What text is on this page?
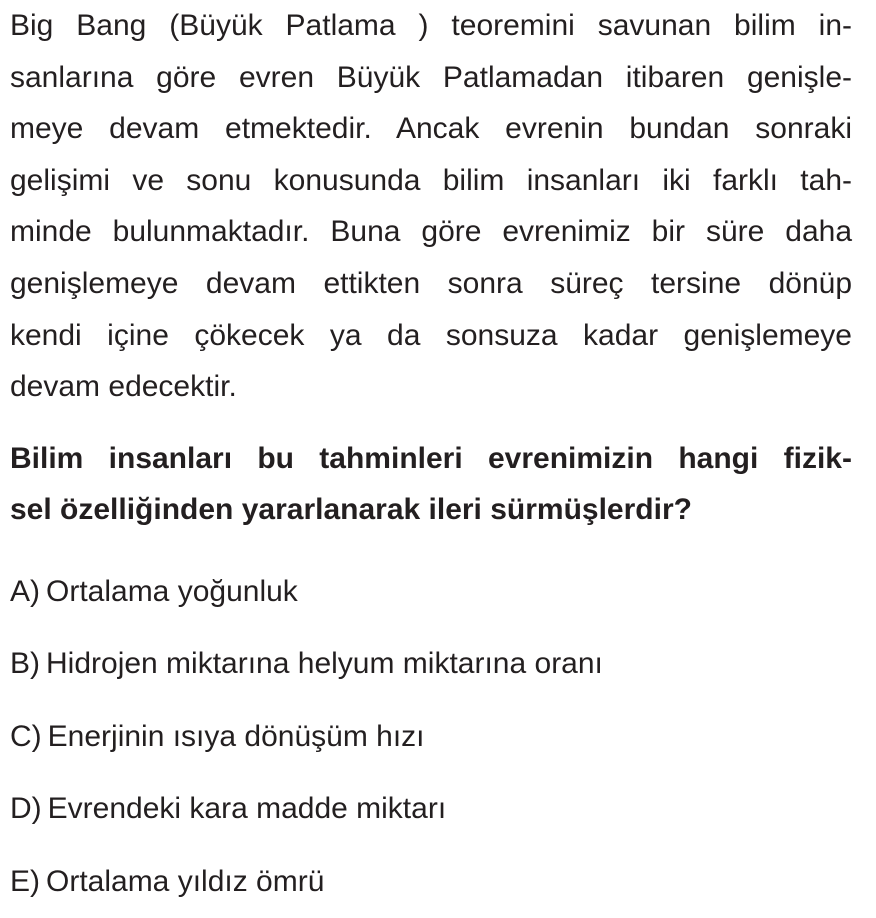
Big Bang (Büyük Patlama ) teoremini savunan bilim in-
sanlarına göre evren Büyük Patlamadan itibaren genişle-
meye devam etmektedir. Ancak evrenin bundan sonraki
gelişimi ve sonu konusunda bilim insanları iki farklı tah-
minde bulunmaktadır. Buna göre evrenimiz bir süre daha
genişlemeye devam ettikten sonra süreç tersine dönüp
kendi içine çökecek ya da sonsuza kadar genişlemeye
devam edecektir.
Bilim insanları bu tahminleri evrenimizin hangi fizik-
sel özelliğinden yararlanarak ileri sürmüşlerdir?
A) Ortalama yoğunluk
B) Hidrojen miktarına helyum miktarına oranı
C) Enerjinin ısıya dönüşüm hızı
D) Evrendeki kara madde miktarı
E) Ortalama yıldız ömrü
